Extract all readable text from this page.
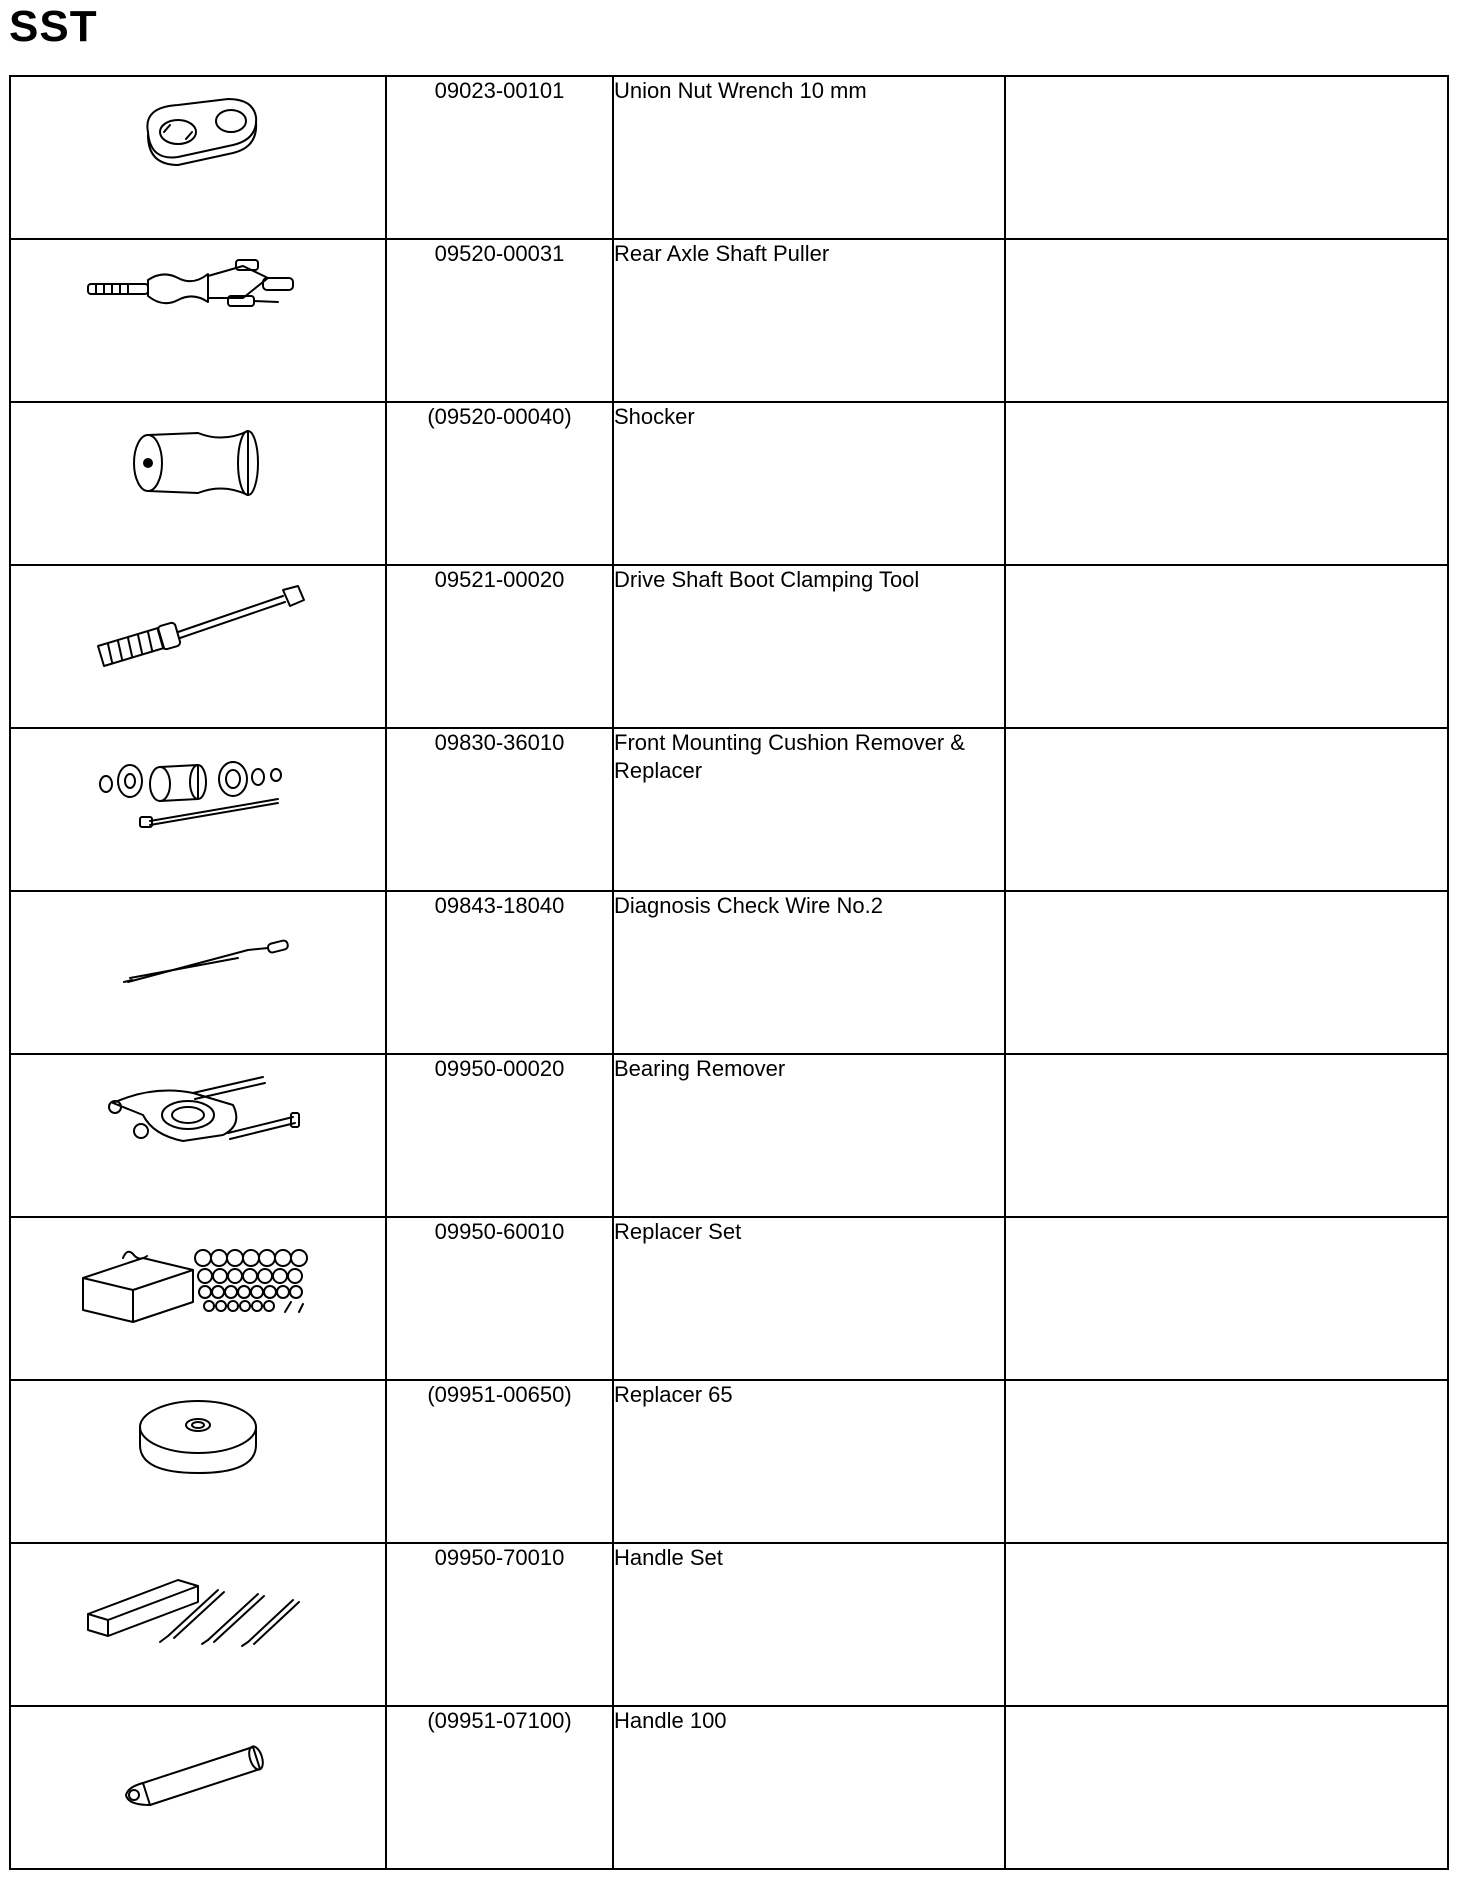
SST
	09023-00101	Union Nut Wrench 10 mm	

	09520-00031	Rear Axle Shaft Puller	

	(09520-00040)	Shocker	

	09521-00020	Drive Shaft Boot Clamping Tool	

	09830-36010	Front Mounting Cushion Remover & Replacer	

	09843-18040	Diagnosis Check Wire No.2	

	09950-00020	Bearing Remover	

	09950-60010	Replacer Set	

	(09951-00650)	Replacer 65	

	09950-70010	Handle Set	

	(09951-07100)	Handle 100	
